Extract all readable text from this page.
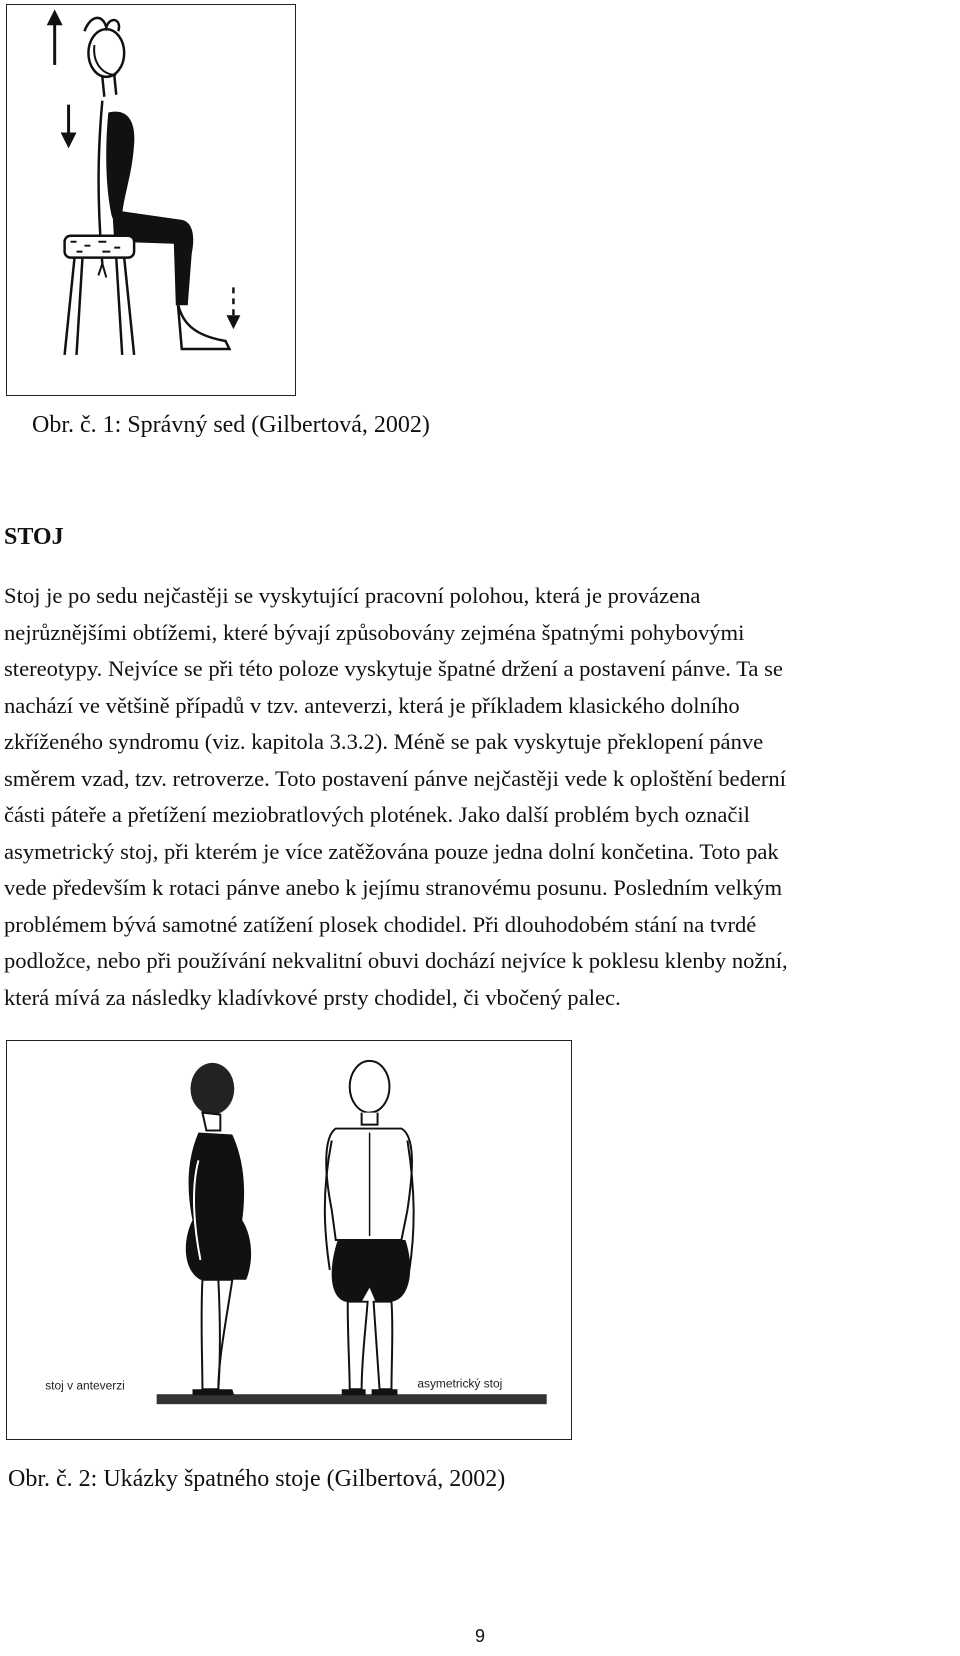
Obr. č. 1: Správný sed (Gilbertová, 2002)
STOJ
Stoj je po sedu nejčastěji se vyskytující pracovní polohou, která je provázena
nejrůznějšími obtížemi, které bývají způsobovány zejména špatnými pohybovými
stereotypy. Nejvíce se při této poloze vyskytuje špatné držení a postavení pánve. Ta se
nachází ve většině případů v tzv. anteverzi, která je příkladem klasického dolního
zkříženého syndromu (viz. kapitola 3.3.2). Méně se pak vyskytuje překlopení pánve
směrem vzad, tzv. retroverze. Toto postavení pánve nejčastěji vede k oploštění bederní
části páteře a přetížení meziobratlových plotének. Jako další problém bych označil
asymetrický stoj, při kterém je více zatěžována pouze jedna dolní končetina. Toto pak
vede především k rotaci pánve anebo k jejímu stranovému posunu. Posledním velkým
problémem bývá samotné zatížení plosek chodidel. Při dlouhodobém stání na tvrdé
podložce, nebo při používání nekvalitní obuvi dochází nejvíce k poklesu klenby nožní,
která mívá za následky kladívkové prsty chodidel, či vbočený palec.
stoj v anteverzi	asymetrický stoj
Obr. č. 2: Ukázky špatného stoje (Gilbertová, 2002)
9
